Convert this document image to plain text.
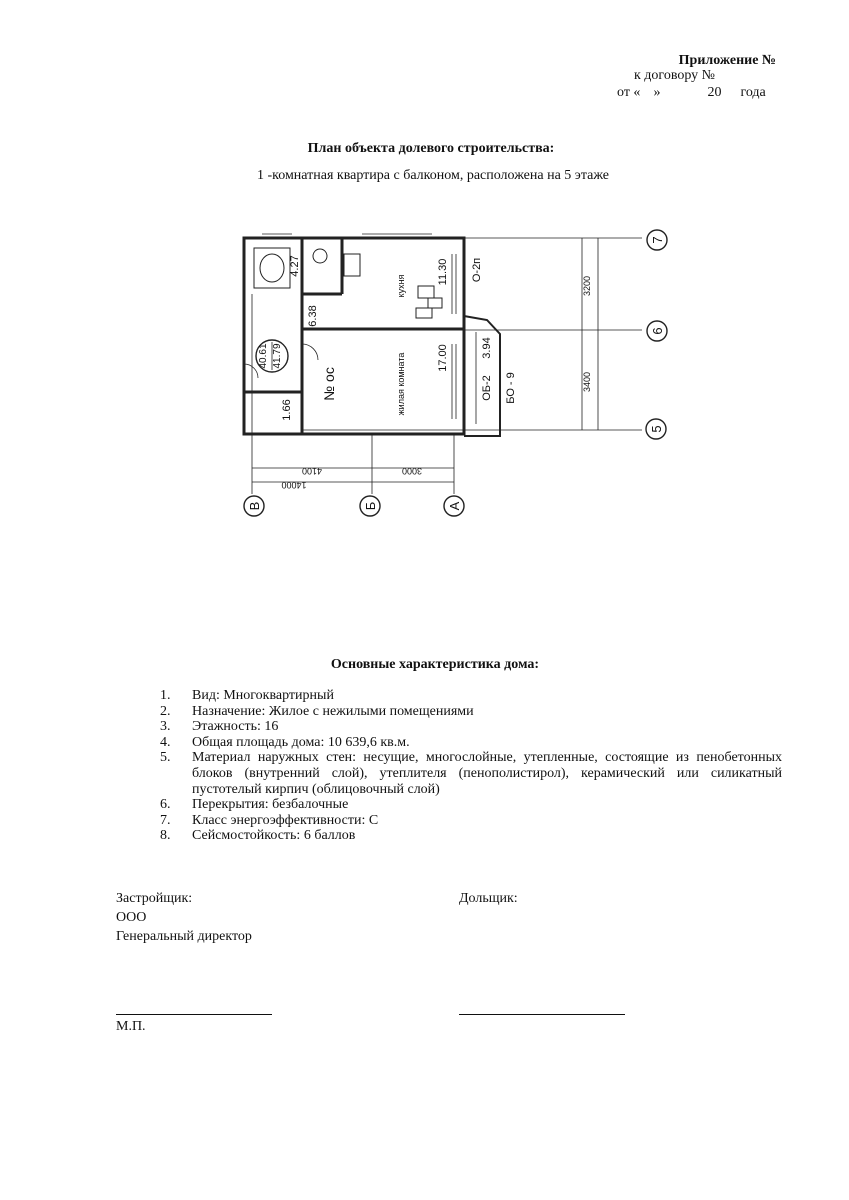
Приложение №
к договору №
от « »	20 года
План объекта долевого строительства:
1 -комнатная квартира с балконом, расположена на 5 этаже
7
6
5
В	Б	А
40.61 41.79
4.27
6.38
1.66
кухня
11.30
жилая комната
№ ос
17.00	3.94
О-2п
ОБ-2 БО - 9
4100	3000
14000
3200
3400
Основные характеристика дома:
1.	Вид: Многоквартирный
2.	Назначение: Жилое с нежилыми помещениями
3.	Этажность: 16
4.	Общая площадь дома: 10 639,6 кв.м.
5.	Материал наружных стен: несущие, многослойные, утепленные, состоящие из пенобетонных блоков (внутренний слой), утеплителя (пенополистирол), керамический или силикатный пустотелый кирпич (облицовочный слой)
6.	Перекрытия: безбалочные
7.	Класс энергоэффективности: С
8.	Сейсмостойкость: 6 баллов
Застройщик:
ООО
Генеральный директор
Дольщик:
М.П.
